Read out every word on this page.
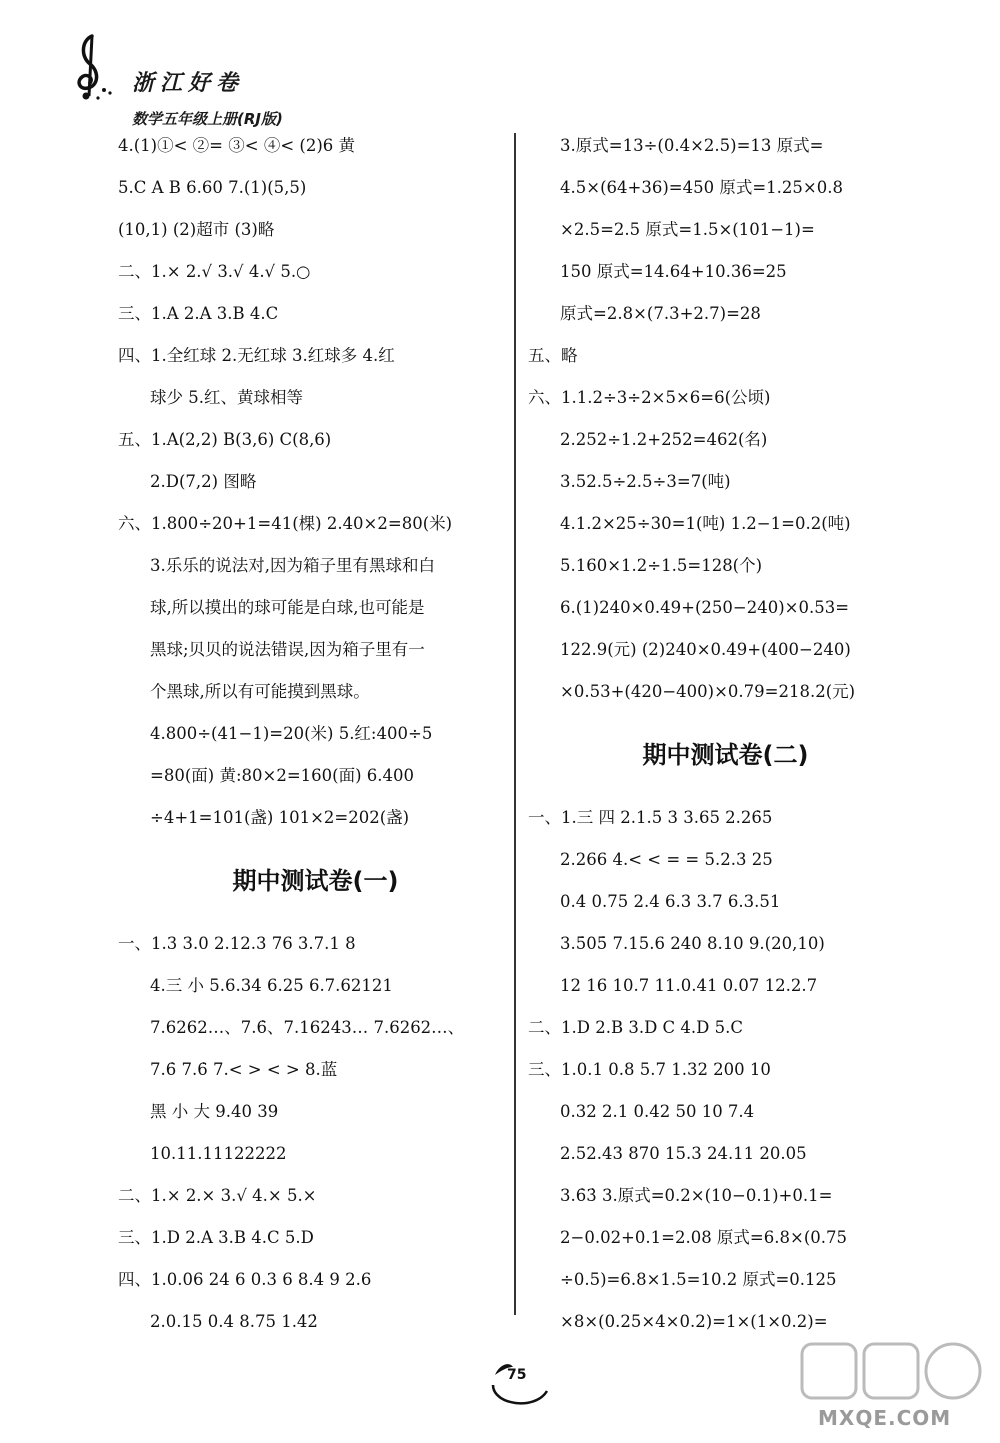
浙江好卷
数学五年级上册(RJ版)
4.(1)①< ②= ③< ④< (2)6 黄
5.C A B 6.60 7.(1)(5,5)
(10,1) (2)超市 (3)略
二、1.× 2.√ 3.√ 4.√ 5.○
三、1.A 2.A 3.B 4.C
四、1.全红球 2.无红球 3.红球多 4.红
球少 5.红、黄球相等
五、1.A(2,2) B(3,6) C(8,6)
2.D(7,2) 图略
六、1.800÷20+1=41(棵) 2.40×2=80(米)
3.乐乐的说法对,因为箱子里有黑球和白
球,所以摸出的球可能是白球,也可能是
黑球;贝贝的说法错误,因为箱子里有一
个黑球,所以有可能摸到黑球。
4.800÷(41−1)=20(米) 5.红:400÷5
=80(面) 黄:80×2=160(面) 6.400
÷4+1=101(盏) 101×2=202(盏)
期中测试卷(一)
一、1.3 3.0 2.12.3 76 3.7.1 8
4.三 小 5.6.34 6.25 6.7.62121
7.6262…、7.6̇、7.16243… 7.6262…、
7.6̇ 7.6̇ 7.< > < > 8.蓝
黑 小 大 9.40 39
10.11.11122222
二、1.× 2.× 3.√ 4.× 5.×
三、1.D 2.A 3.B 4.C 5.D
四、1.0.06 24 6 0.3 6 8.4 9 2.6
2.0.15 0.4 8.75 1.4̇2̇
3.原式=13÷(0.4×2.5)=13 原式=
4.5×(64+36)=450 原式=1.25×0.8
×2.5=2.5 原式=1.5×(101−1)=
150 原式=14.64+10.36=25
原式=2.8×(7.3+2.7)=28
五、略
六、1.1.2÷3÷2×5×6=6(公顷)
2.252÷1.2+252=462(名)
3.52.5÷2.5÷3=7(吨)
4.1.2×25÷30=1(吨) 1.2−1=0.2(吨)
5.160×1.2÷1.5=128(个)
6.(1)240×0.49+(250−240)×0.53=
122.9(元) (2)240×0.49+(400−240)
×0.53+(420−400)×0.79=218.2(元)
期中测试卷(二)
一、1.三 四 2.1.5 3 3.65 2.26̇5̇
2.266 4.< < = = 5.2.3 25
0.4 0.75 2.4 6.3 3.7 6.3.51
3.5̇05̇ 7.15.6 240 8.10 9.(20,10)
12 16 10.7 11.0.41 0.07 12.2.7
二、1.D 2.B 3.D C 4.D 5.C
三、1.0.1 0.8 5.7 1.32 200 10
0.32 2.1 0.42 50 10 7.4
2.52.43 870 15.3 24.11 20.05
3.6̇3̇ 3.原式=0.2×(10−0.1)+0.1=
2−0.02+0.1=2.08 原式=6.8×(0.75
÷0.5)=6.8×1.5=10.2 原式=0.125
×8×(0.25×4×0.2)=1×(1×0.2)=
75
MXQE.COM
